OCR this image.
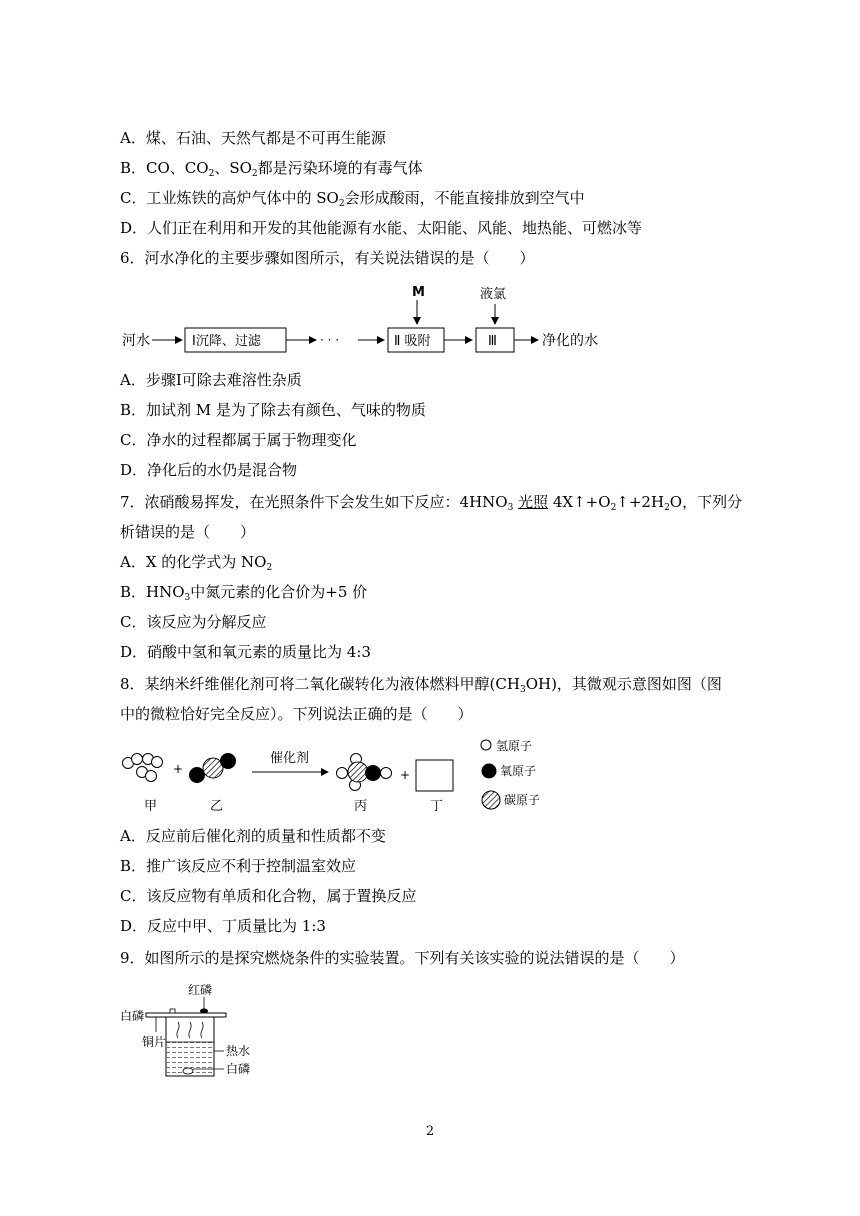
A．煤、石油、天然气都是不可再生能源
B．CO、$CO_2$、$SO_2$都是污染环境的有毒气体
C．工业炼铁的高炉气体中的 $SO_2$会形成酸雨，不能直接排放到空气中
D．人们正在利用和开发的其他能源有水能、太阳能、风能、地热能、可燃冰等
6．河水净化的主要步骤如图所示，有关说法错误的是（　　）
河水	Ⅰ沉降、过滤	· · ·	Ⅱ 吸附	Ⅲ	净化的水
M	液氯
A．步骤Ⅰ可除去难溶性杂质
B．加试剂 M 是为了除去有颜色、气味的物质
C．净水的过程都属于属于物理变化
D．净化后的水仍是混合物
7．浓硝酸易挥发，在光照条件下会发生如下反应：$4HNO_3$ 光照 $4X↑+O_2↑+2H_2O$，下列分
析错误的是（　　）
A．X 的化学式为 $NO_2$
B．$HNO_3$中氮元素的化合价为+5 价
C．该反应为分解反应
D．硝酸中氢和氧元素的质量比为 4:3
8．某纳米纤维催化剂可将二氧化碳转化为液体燃料甲醇$(CH_3OH)$，其微观示意图如图（图
中的微粒恰好完全反应）。下列说法正确的是（　　）
+
催化剂
+
甲	乙	丙	丁
氢原子
氧原子
碳原子
A．反应前后催化剂的质量和性质都不变
B．推广该反应不利于控制温室效应
C．该反应物有单质和化合物，属于置换反应
D．反应中甲、丁质量比为 1:3
9．如图所示的是探究燃烧条件的实验装置。下列有关该实验的说法错误的是（　　）
红磷
白磷
铜片
热水
白磷
2
